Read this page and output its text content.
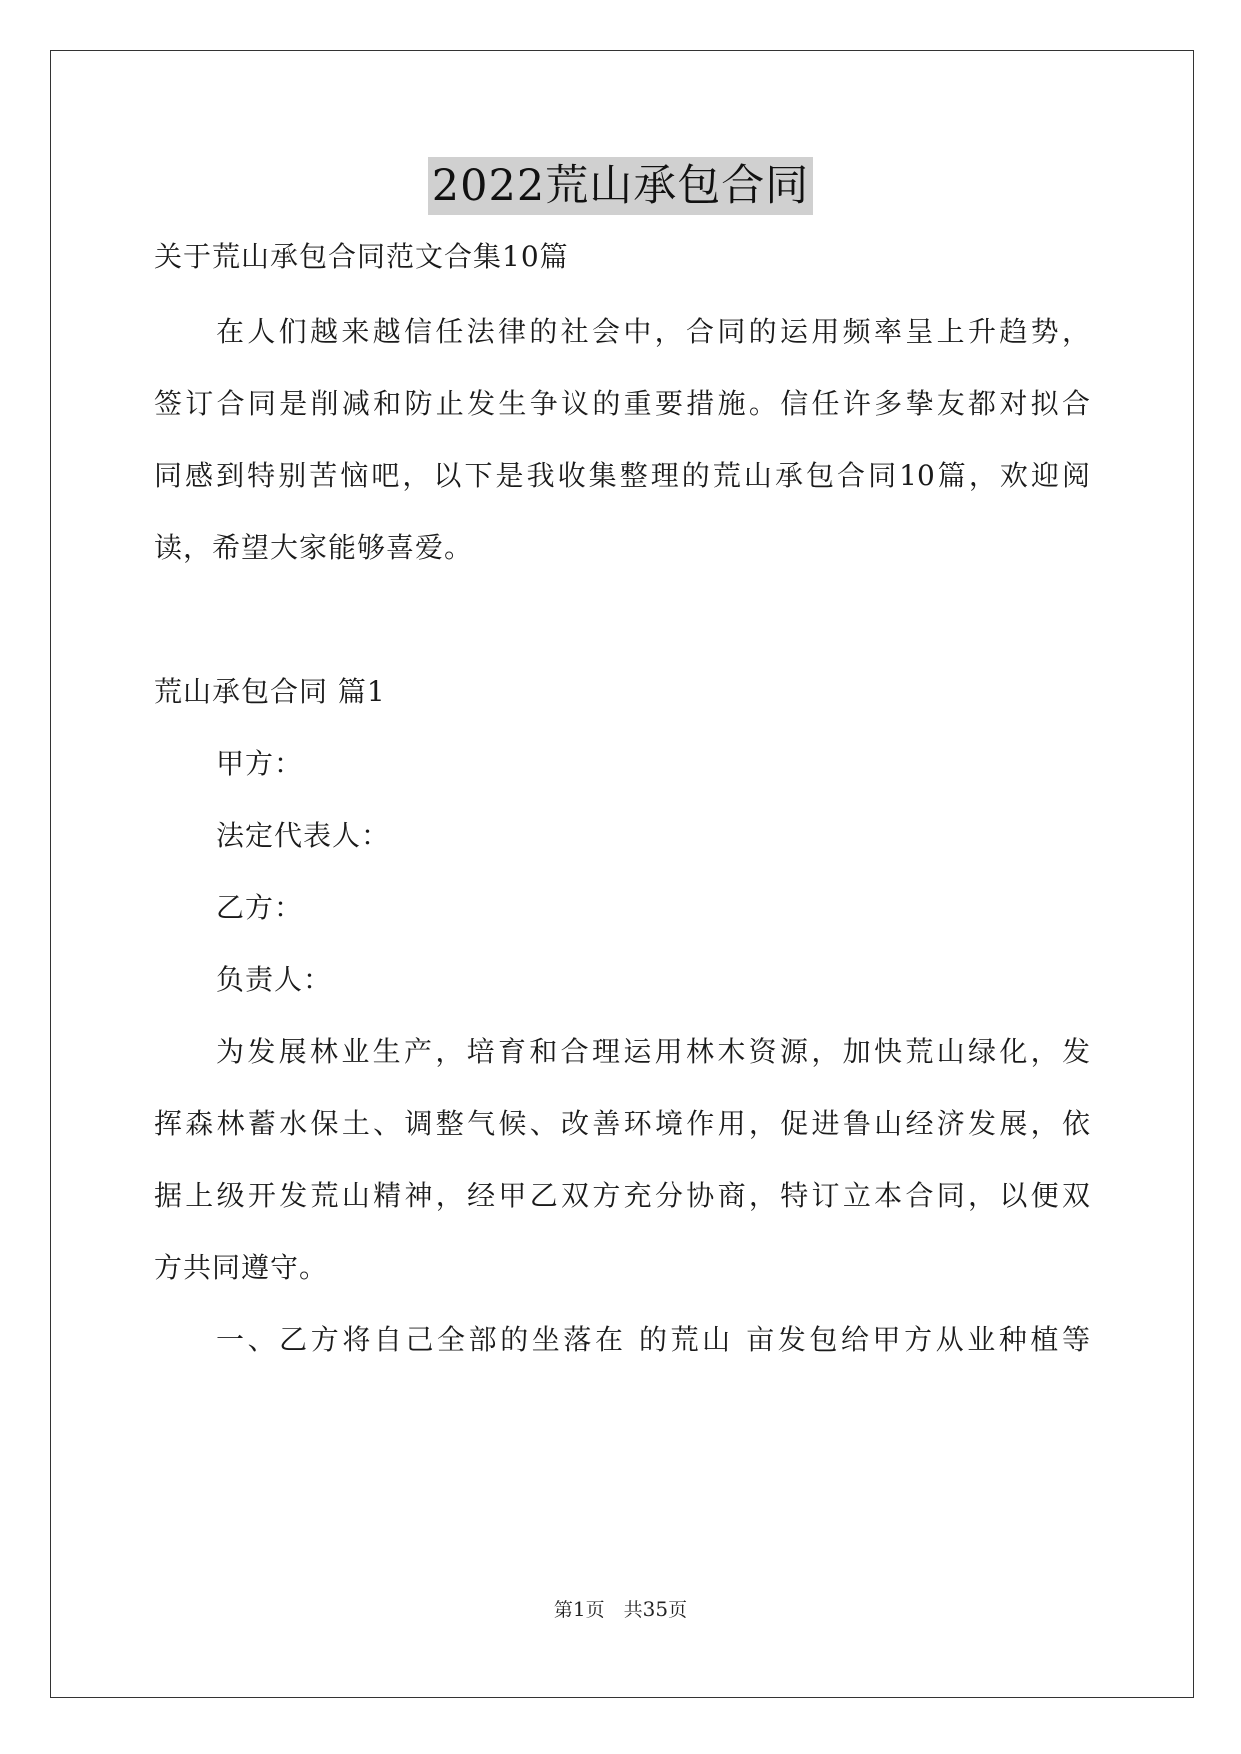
2022荒山承包合同
关于荒山承包合同范文合集10篇
在人们越来越信任法律的社会中，合同的运用频率呈上升趋势，
签订合同是削减和防止发生争议的重要措施。信任许多挚友都对拟合
同感到特别苦恼吧，以下是我收集整理的荒山承包合同10篇，欢迎阅
读，希望大家能够喜爱。
荒山承包合同 篇1
甲方：
法定代表人：
乙方：
负责人：
为发展林业生产，培育和合理运用林木资源，加快荒山绿化，发
挥森林蓄水保土、调整气候、改善环境作用，促进鲁山经济发展，依
据上级开发荒山精神，经甲乙双方充分协商，特订立本合同，以便双
方共同遵守。
一、乙方将自己全部的坐落在 的荒山 亩发包给甲方从业种植等
第1页　共35页
